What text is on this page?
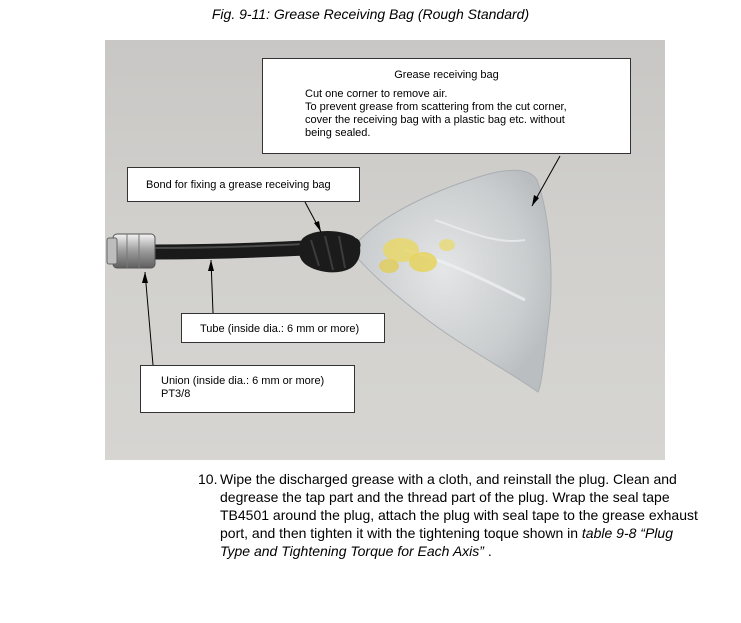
Fig. 9-11: Grease Receiving Bag (Rough Standard)
Grease receiving bag
Cut one corner to remove air.
To prevent grease from scattering from the cut corner,
cover the receiving bag with a plastic bag etc. without
being sealed.
Bond for fixing a grease receiving bag
Tube (inside dia.: 6 mm or more)
Union (inside dia.: 6 mm or more)
PT3/8
10. Wipe the discharged grease with a cloth, and reinstall the plug. Clean and degrease the tap part and the thread part of the plug. Wrap the seal tape TB4501 around the plug, attach the plug with seal tape to the grease exhaust port, and then tighten it with the tightening toque shown in table 9-8 “Plug Type and Tightening Torque for Each Axis” .
